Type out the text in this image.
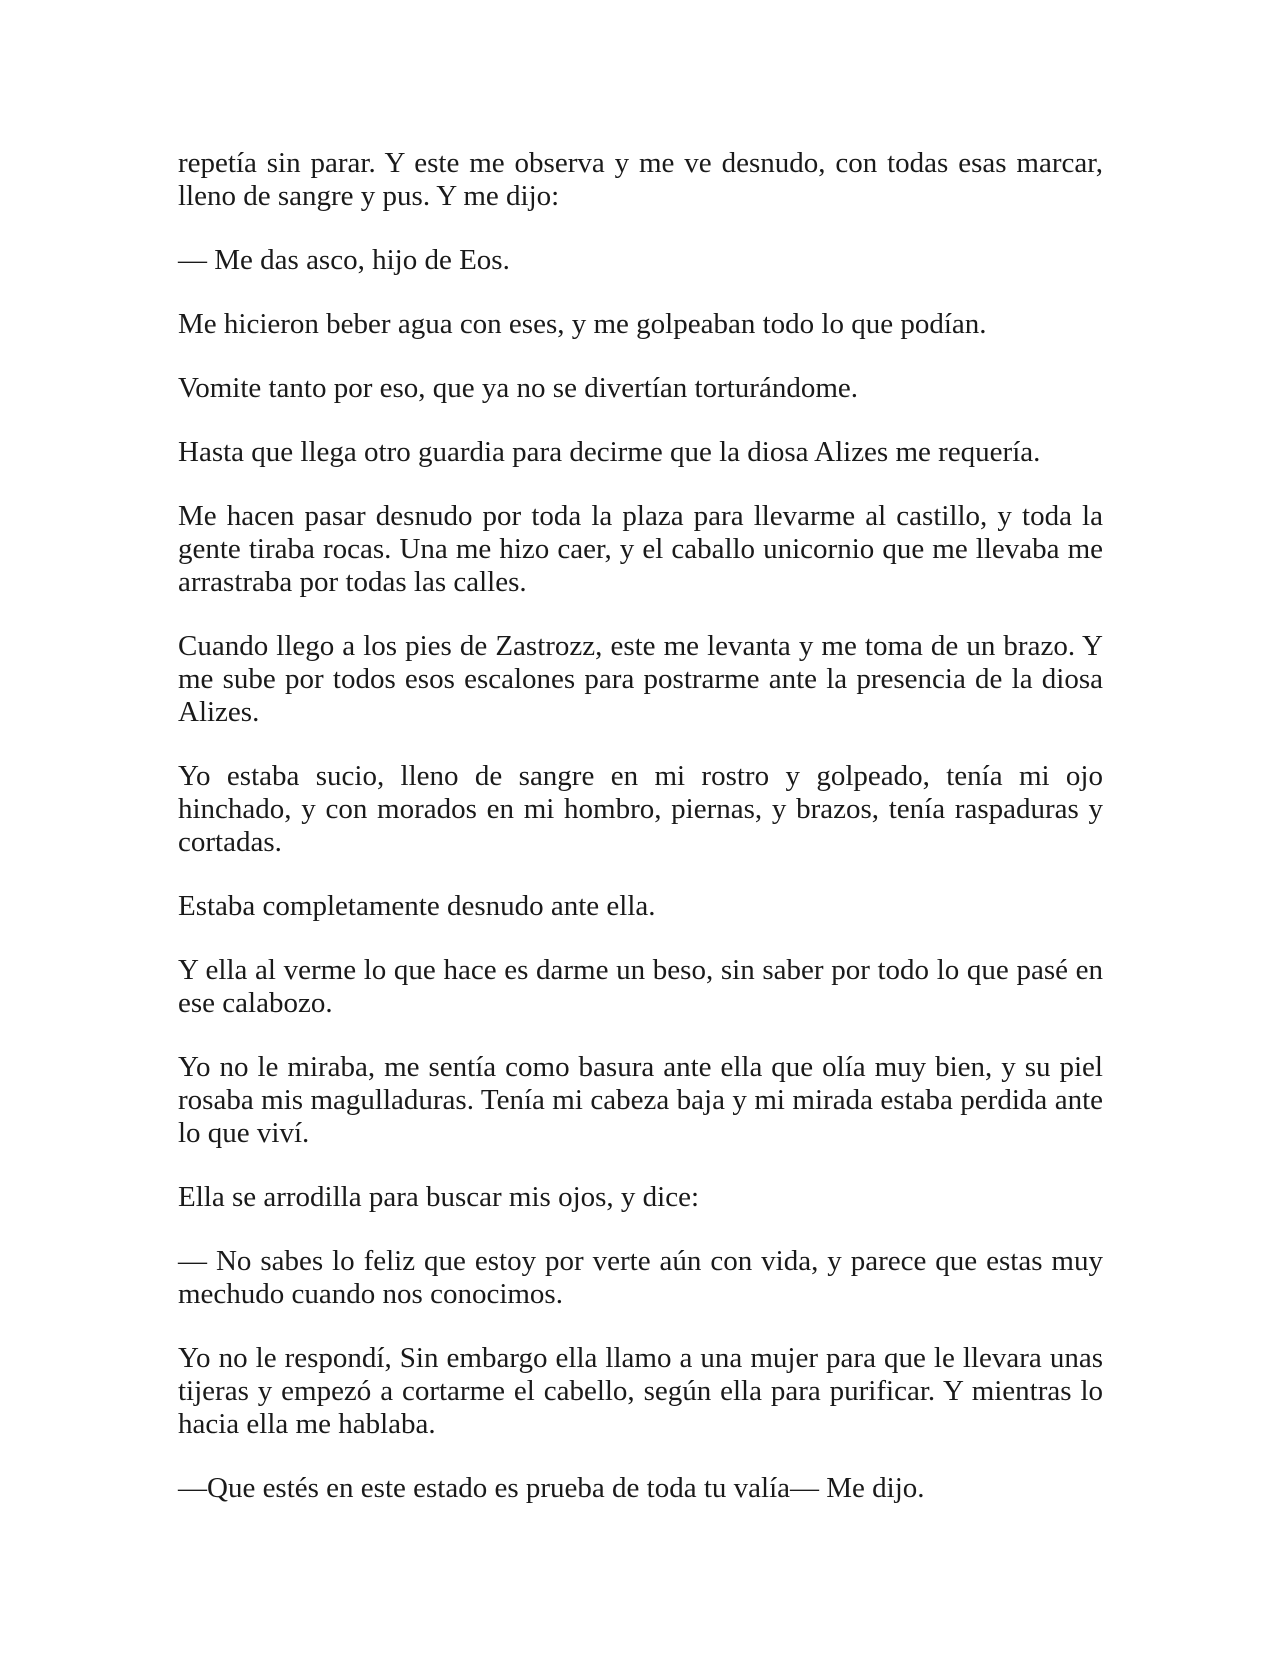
repetía sin parar. Y este me observa y me ve desnudo, con todas esas marcar, lleno de sangre y pus. Y me dijo:

— Me das asco, hijo de Eos.

Me hicieron beber agua con eses, y me golpeaban todo lo que podían.

Vomite tanto por eso, que ya no se divertían torturándome.

Hasta que llega otro guardia para decirme que la diosa Alizes me requería.

Me hacen pasar desnudo por toda la plaza para llevarme al castillo, y toda la gente tiraba rocas. Una me hizo caer, y el caballo unicornio que me llevaba me arrastraba por todas las calles.

Cuando llego a los pies de Zastrozz, este me levanta y me toma de un brazo. Y me sube por todos esos escalones para postrarme ante la presencia de la diosa Alizes.

Yo estaba sucio, lleno de sangre en mi rostro y golpeado, tenía mi ojo hinchado, y con morados en mi hombro, piernas, y brazos, tenía raspaduras y cortadas.

Estaba completamente desnudo ante ella.

Y ella al verme lo que hace es darme un beso, sin saber por todo lo que pasé en ese calabozo.

Yo no le miraba, me sentía como basura ante ella que olía muy bien, y su piel rosaba mis magulladuras. Tenía mi cabeza baja y mi mirada estaba perdida ante lo que viví.

Ella se arrodilla para buscar mis ojos, y dice:

— No sabes lo feliz que estoy por verte aún con vida, y parece que estas muy mechudo cuando nos conocimos.

Yo no le respondí, Sin embargo ella llamo a una mujer para que le llevara unas tijeras y empezó a cortarme el cabello, según ella para purificar. Y mientras lo hacia ella me hablaba.

—Que estés en este estado es prueba de toda tu valía— Me dijo.
